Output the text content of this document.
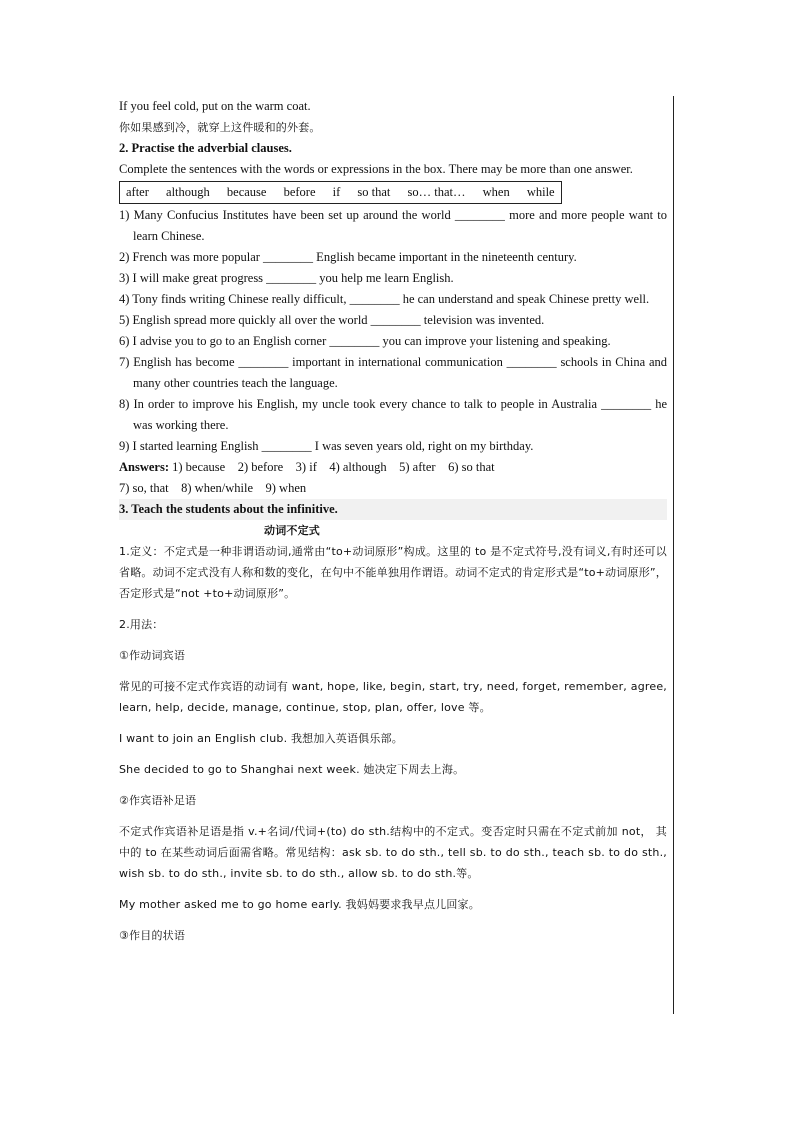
If you feel cold, put on the warm coat.

你如果感到冷，就穿上这件暖和的外套。

2. Practise the adverbial clauses.

Complete the sentences with the words or expressions in the box. There may be more than one answer.

after although because before if so that so… that… when while

1) Many Confucius Institutes have been set up around the world ________ more and more people want to learn Chinese.

2) French was more popular ________ English became important in the nineteenth century.

3) I will make great progress ________ you help me learn English.

4) Tony finds writing Chinese really difficult, ________ he can understand and speak Chinese pretty well.

5) English spread more quickly all over the world ________ television was invented.

6) I advise you to go to an English corner ________ you can improve your listening and speaking.

7) English has become ________ important in international communication ________ schools in China and many other countries teach the language.

8) In order to improve his English, my uncle took every chance to talk to people in Australia ________ he was working there.

9) I started learning English ________ I was seven years old, right on my birthday.

Answers: 1) because    2) before    3) if    4) although    5) after    6) so that

7) so, that    8) when/while    9) when

3. Teach the students about the infinitive.

动词不定式

1.定义：不定式是一种非谓语动词,通常由“to+动词原形”构成。这里的 to 是不定式符号,没有词义,有时还可以省略。动词不定式没有人称和数的变化，在句中不能单独用作谓语。动词不定式的肯定形式是“to+动词原形”，否定形式是“not +to+动词原形”。

2.用法：

①作动词宾语

常见的可接不定式作宾语的动词有 want, hope, like, begin, start, try, need, forget, remember, agree, learn, help, decide, manage, continue, stop, plan, offer, love 等。

I want to join an English club. 我想加入英语俱乐部。

She decided to go to Shanghai next week. 她决定下周去上海。

②作宾语补足语

不定式作宾语补足语是指 v.+名词/代词+(to) do sth.结构中的不定式。变否定时只需在不定式前加 not， 其中的 to 在某些动词后面需省略。常见结构：ask sb. to do sth., tell sb. to do sth., teach sb. to do sth., wish sb. to do sth., invite sb. to do sth., allow sb. to do sth.等。

My mother asked me to go home early. 我妈妈要求我早点儿回家。

③作目的状语
